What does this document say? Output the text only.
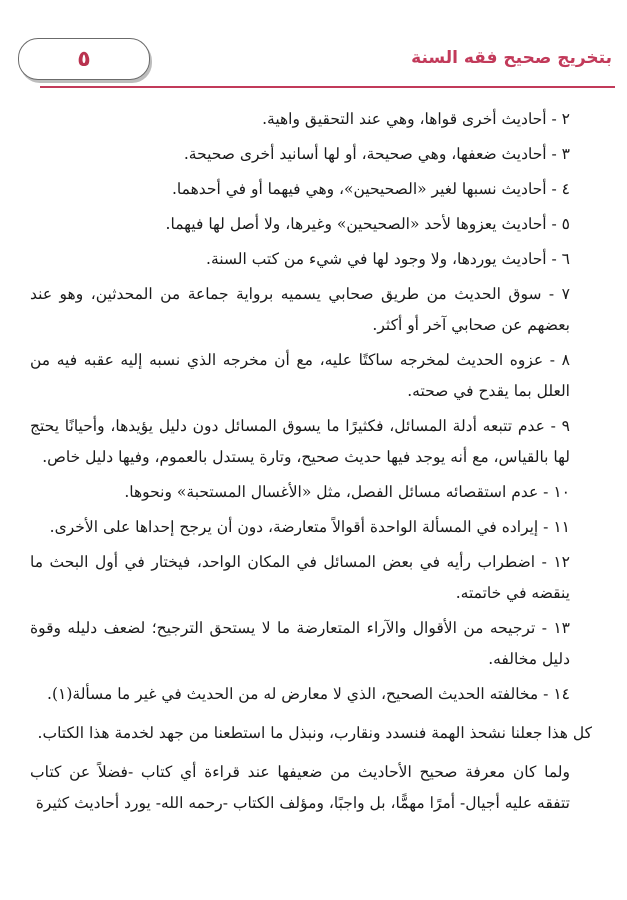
٥	بتخريج صحيح فقه السنة

٢ - أحاديث أخرى قواها، وهي عند التحقيق واهية.

٣ - أحاديث ضعفها، وهي صحيحة، أو لها أسانيد أخرى صحيحة.

٤ - أحاديث نسبها لغير «الصحيحين»، وهي فيهما أو في أحدهما.

٥ - أحاديث يعزوها لأحد «الصحيحين» وغيرها، ولا أصل لها فيهما.

٦ - أحاديث يوردها، ولا وجود لها في شيء من كتب السنة.

٧ - سوق الحديث من طريق صحابي يسميه برواية جماعة من المحدثين، وهو عند بعضهم عن صحابي آخر أو أكثر.

٨ - عزوه الحديث لمخرجه ساكتًا عليه، مع أن مخرجه الذي نسبه إليه عقبه فيه من العلل بما يقدح في صحته.

٩ - عدم تتبعه أدلة المسائل، فكثيرًا ما يسوق المسائل دون دليل يؤيدها، وأحيانًا يحتج لها بالقياس، مع أنه يوجد فيها حديث صحيح، وتارة يستدل بالعموم، وفيها دليل خاص.

١٠ - عدم استقصائه مسائل الفصل، مثل «الأغسال المستحبة» ونحوها.

١١ - إيراده في المسألة الواحدة أقوالاً متعارضة، دون أن يرجح إحداها على الأخرى.

١٢ - اضطراب رأيه في بعض المسائل في المكان الواحد، فيختار في أول البحث ما ينقضه في خاتمته.

١٣ - ترجيحه من الأقوال والآراء المتعارضة ما لا يستحق الترجيح؛ لضعف دليله وقوة دليل مخالفه.

١٤ - مخالفته الحديث الصحيح، الذي لا معارض له من الحديث في غير ما مسألة(١).

كل هذا جعلنا نشحذ الهمة فنسدد ونقارب، ونبذل ما استطعنا من جهد لخدمة هذا الكتاب.

ولما كان معرفة صحيح الأحاديث من ضعيفها عند قراءة أي كتاب -فضلاً عن كتاب تتفقه عليه أجيال- أمرًا مهمًّا، بل واجبًا، ومؤلف الكتاب -رحمه الله- يورد أحاديث كثيرة
